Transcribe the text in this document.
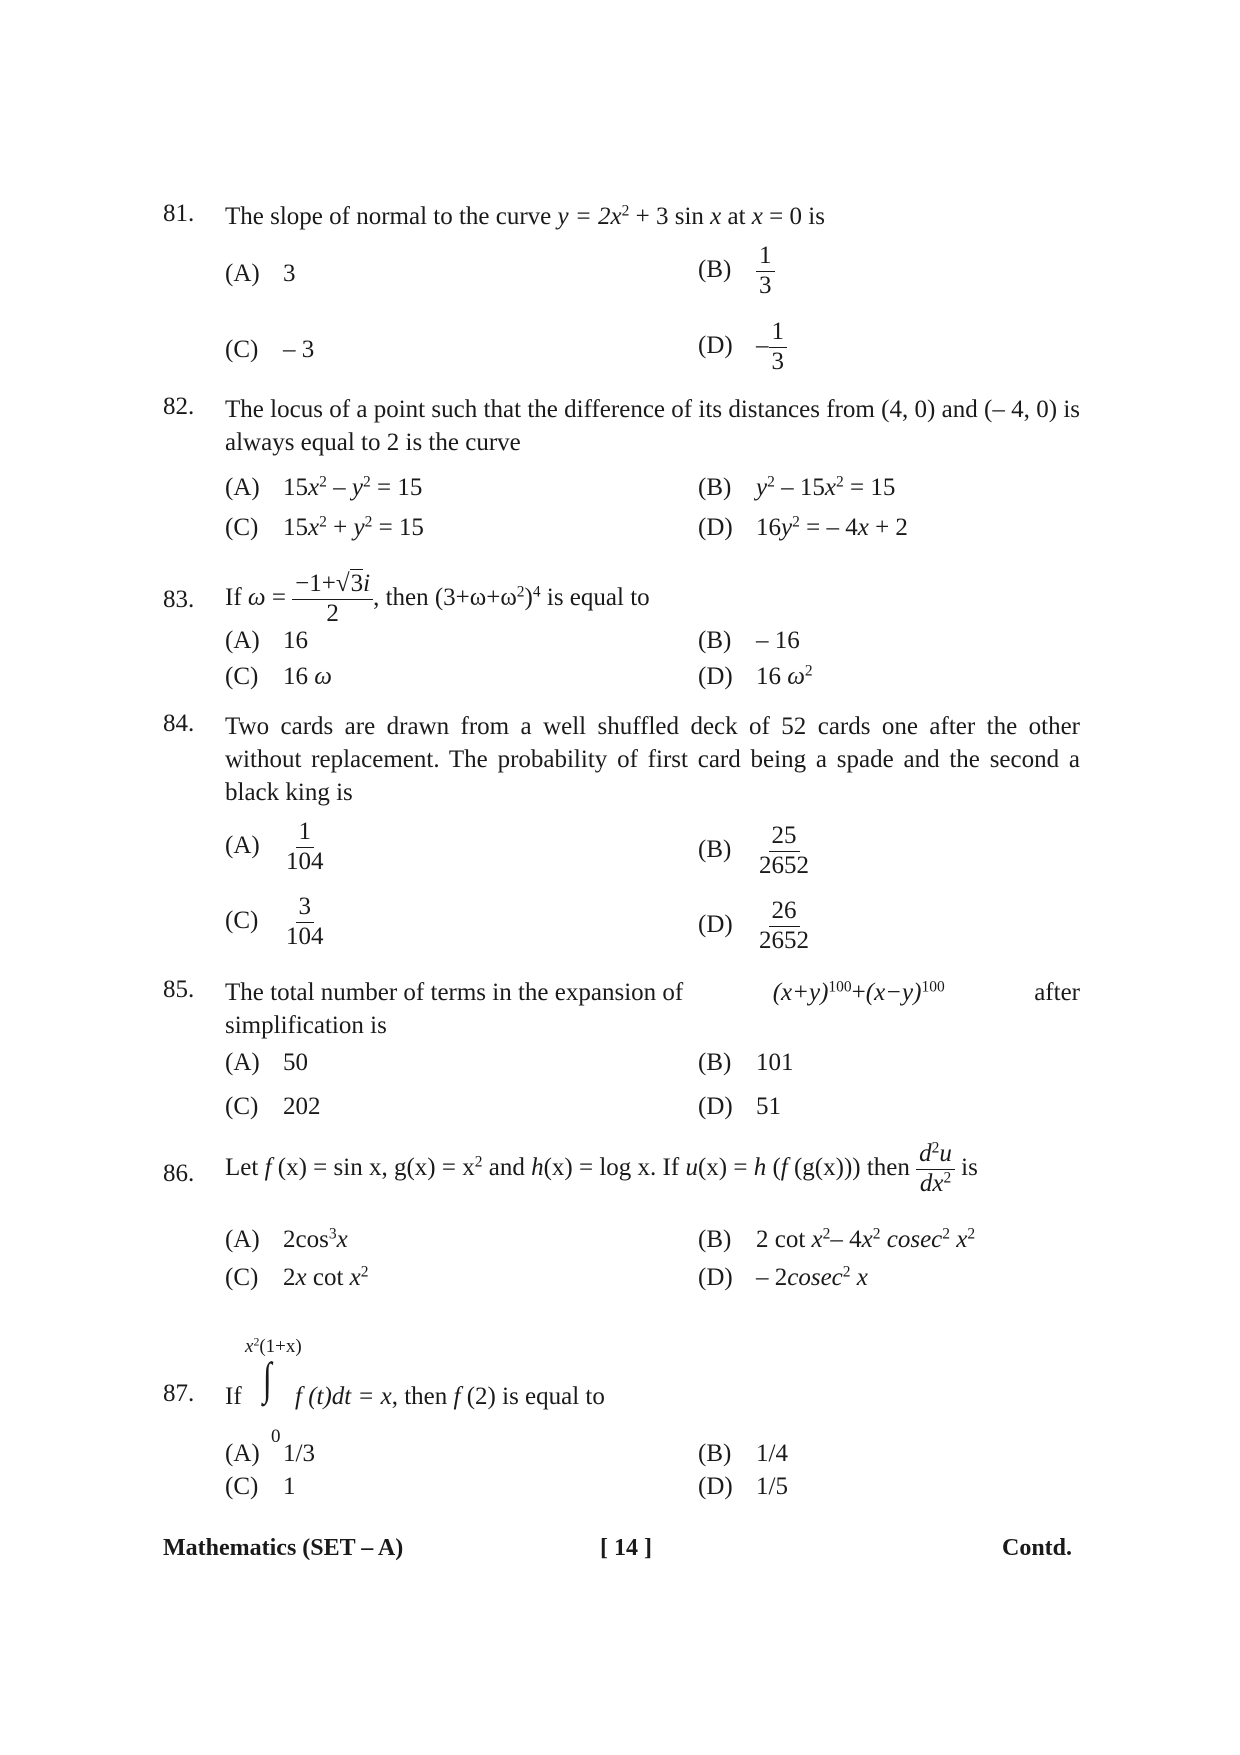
81. The slope of normal to the curve $y = 2x^2 + 3$ sin x at x = 0 is
(A) 3	$(B) \frac{1}{3}$
(C) – 3	$(D) - \frac{1}{3}$
82. The locus of a point such that the difference of its distances from (4, 0) and (– 4, 0) is always equal to 2 is the curve
(A) $15x^2 - y^2 = 15$	(B) $y^2 - 15x^2 = 15$
(C) $15x^2 + y^2 = 15$	(D) $16y^2$ = – 4x + 2
83. If $\omega = \frac{-1+√3i}{2}$ , then $(3+\omega+\omega^2)^4$ is equal to
(A) 16	(B) – 16
(C) 16 ω	(D) 16 $\omega^2$
84. Two cards are drawn from a well shuffled deck of 52 cards one after the other without replacement. The probability of first card being a spade and the second a black king is
$(A) \frac{1}{104}$	$(B) \frac{25}{2652}$
$(C) \frac{3}{104}$	$(D) \frac{26}{2652}$
85. The total number of terms in the expansion of	$(x+y)^{100}+(x-y)^{100}$	after
simplification is
(A) 50	(B) 101
(C) 202	(D) 51
86. Let f (x) = sin x, $g(x) = x^2$ and h(x) = log x. If u(x) = h (f (g(x))) then $\frac{d^2u}{dx^2}$ is
(A) $2\cos^3x$	(B) 2 $\cot x^2-$ $4x^2$ cosec$^2$ $x^2$
(C) 2x $\cot x^2$	(D) – 2cosec$^2$ x
87. If
$x^2(1+x)$
∫
0
f (t)dt = x, then f (2) is equal to
(A) 1/3	(B) 1/4
(C) 1	(D) 1/5
Mathematics (SET – A)	[ 14 ]	Contd.
